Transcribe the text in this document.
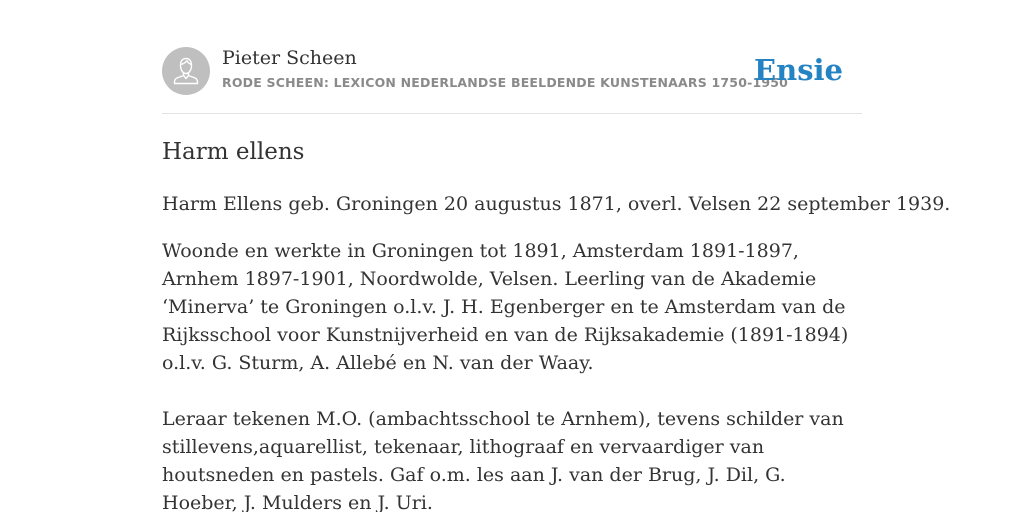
Pieter Scheen
RODE SCHEEN: LEXICON NEDERLANDSE BEELDENDE KUNSTENAARS 1750-1950
Ensie
Harm ellens

Harm Ellens geb. Groningen 20 augustus 1871, overl. Velsen 22 september 1939.

Woonde en werkte in Groningen tot 1891, Amsterdam 1891-1897, Arnhem 1897-1901, Noordwolde, Velsen. Leerling van de Akademie ‘Minerva’ te Groningen o.l.v. J. H. Egenberger en te Amsterdam van de Rijksschool voor Kunstnijverheid en van de Rijksakademie (1891-1894) o.l.v. G. Sturm, A. Allebé en N. van der Waay.

Leraar tekenen M.O. (ambachtsschool te Arnhem), tevens schilder van stillevens,aquarellist, tekenaar, lithograaf en vervaardiger van houtsneden en pastels. Gaf o.m. les aan J. van der Brug, J. Dil, G. Hoeber, J. Mulders en J. Uri.
